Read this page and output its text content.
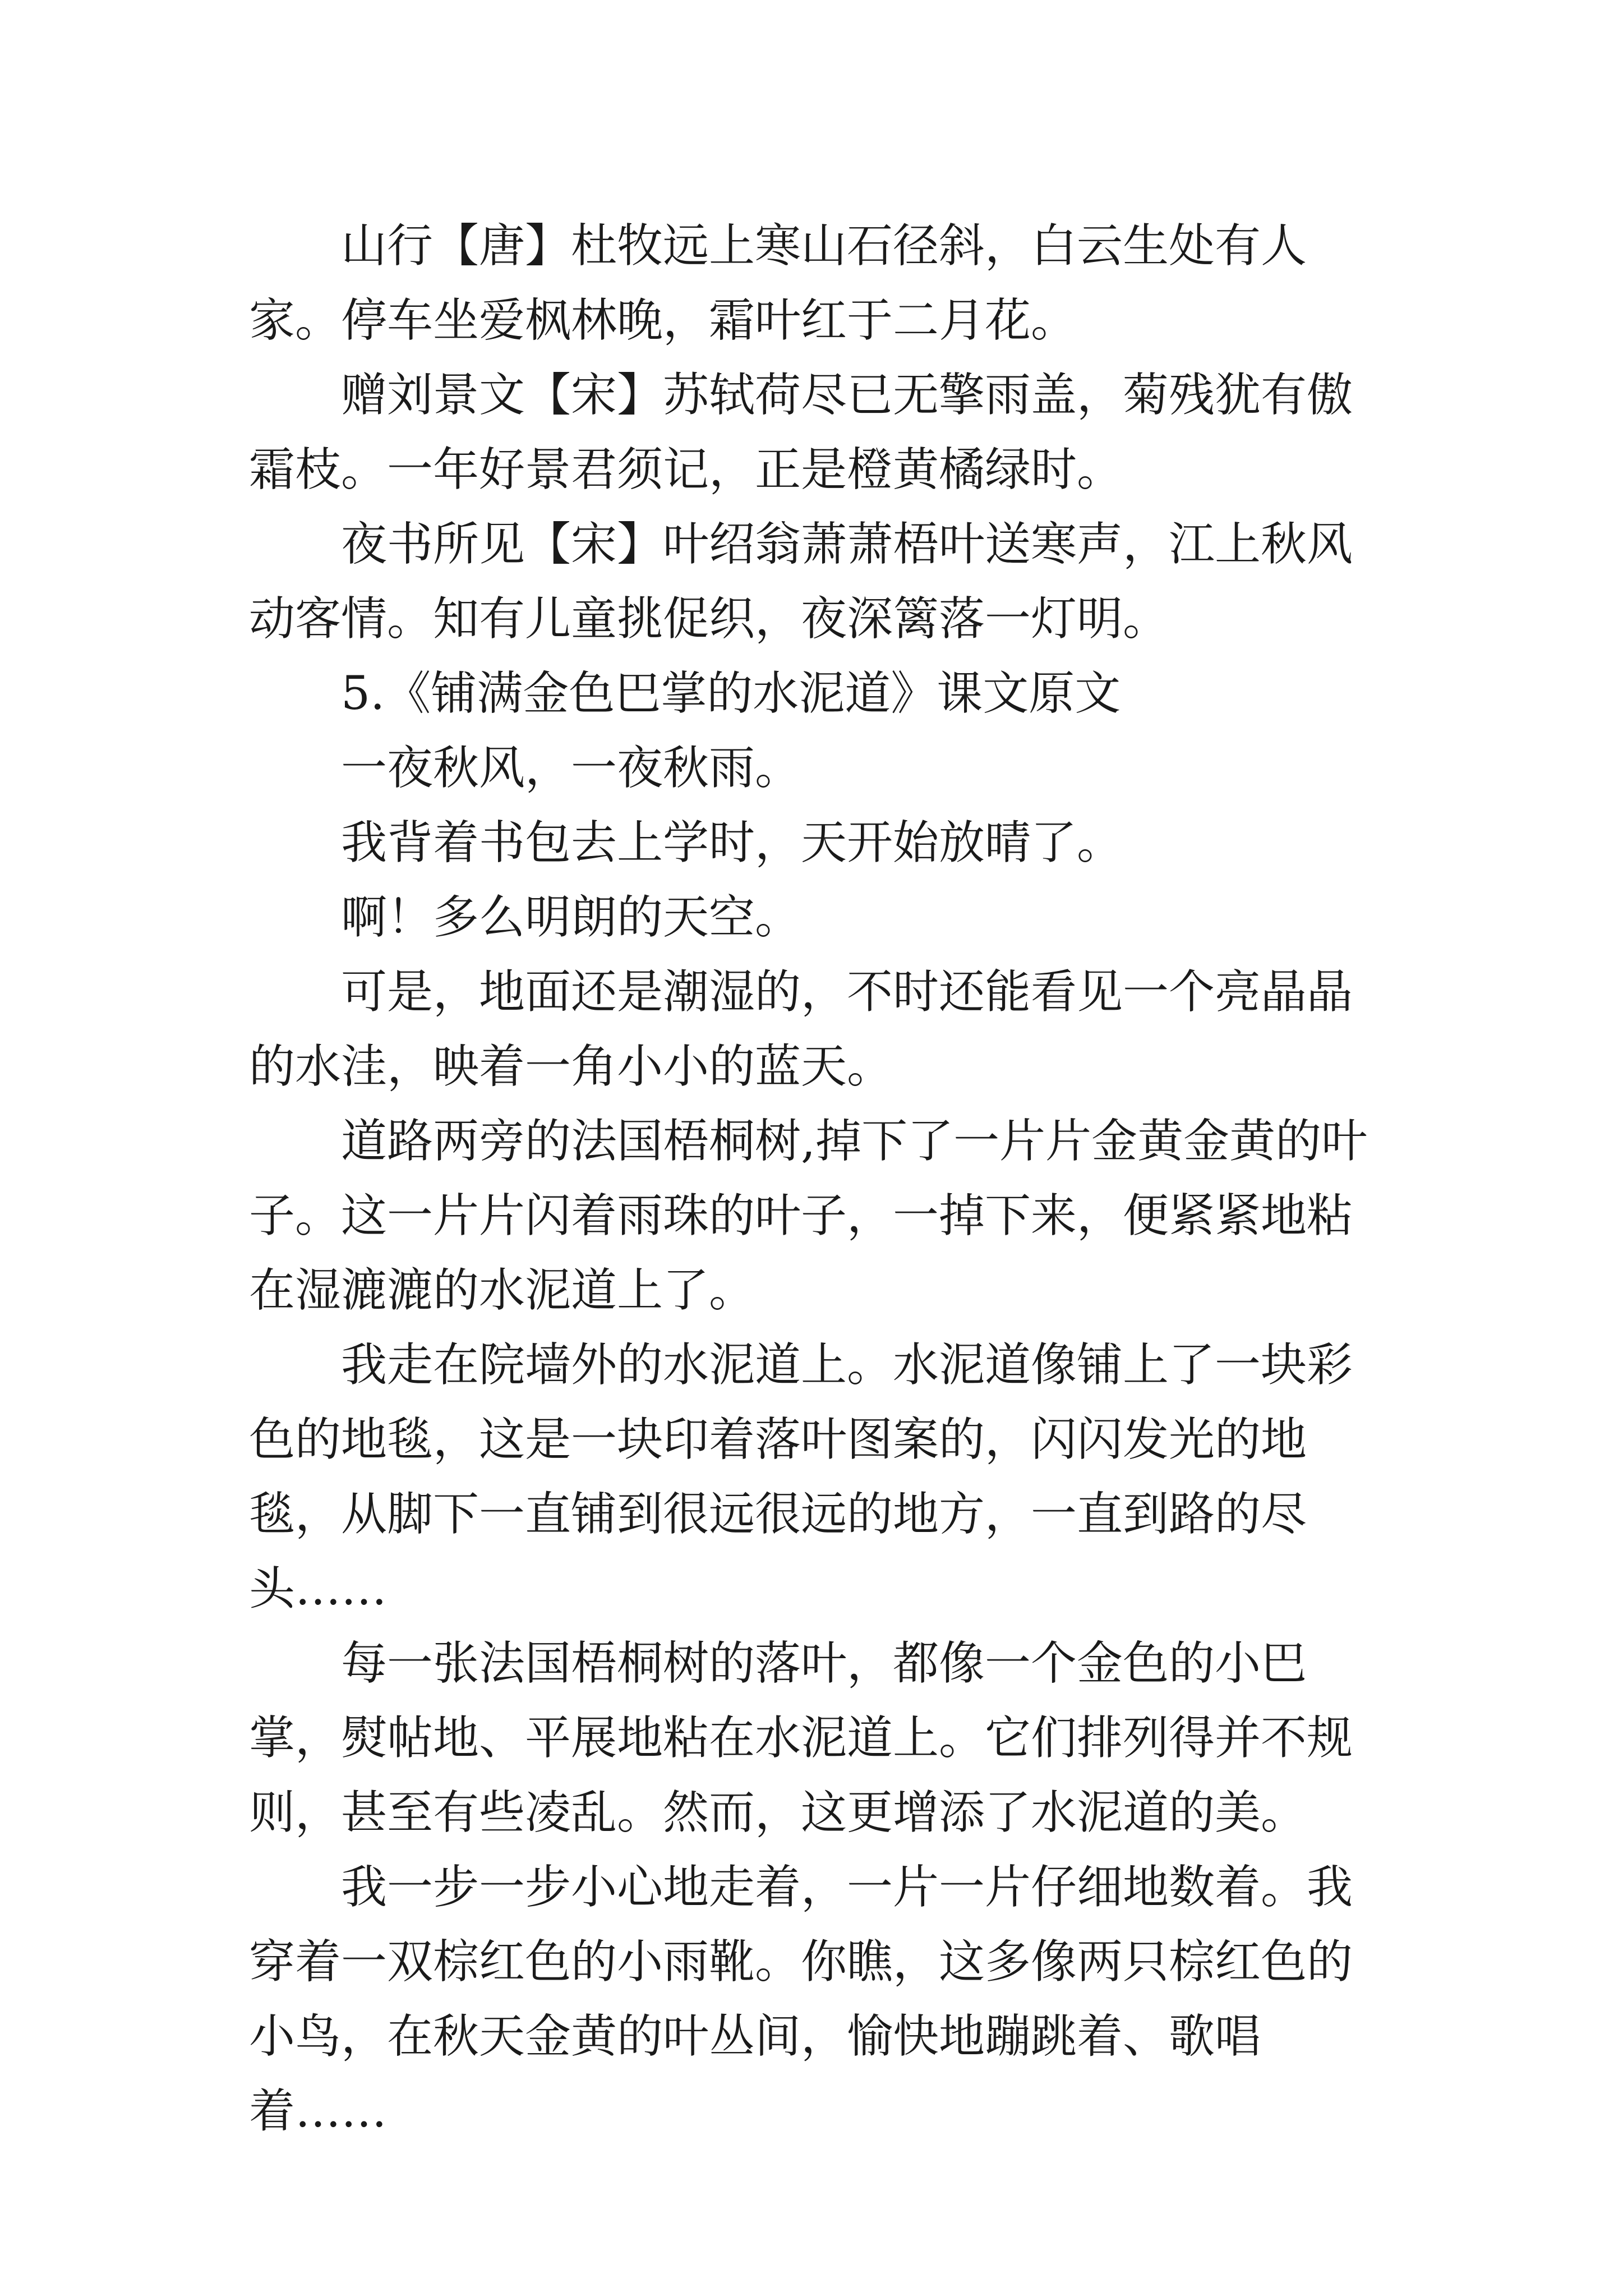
山行【唐】杜牧远上寒山石径斜，白云生处有人家。停车坐爱枫林晚，霜叶红于二月花。

赠刘景文【宋】苏轼荷尽已无擎雨盖，菊残犹有傲霜枝。一年好景君须记，正是橙黄橘绿时。

夜书所见【宋】叶绍翁萧萧梧叶送寒声，江上秋风动客情。知有儿童挑促织，夜深篱落一灯明。

5.《铺满金色巴掌的水泥道》课文原文

一夜秋风，一夜秋雨。

我背着书包去上学时，天开始放晴了。

啊！多么明朗的天空。

可是，地面还是潮湿的，不时还能看见一个亮晶晶的水洼，映着一角小小的蓝天。

道路两旁的法国梧桐树,掉下了一片片金黄金黄的叶子。这一片片闪着雨珠的叶子，一掉下来，便紧紧地粘在湿漉漉的水泥道上了。

我走在院墙外的水泥道上。水泥道像铺上了一块彩色的地毯，这是一块印着落叶图案的，闪闪发光的地毯，从脚下一直铺到很远很远的地方，一直到路的尽头……

每一张法国梧桐树的落叶，都像一个金色的小巴掌，熨帖地、平展地粘在水泥道上。它们排列得并不规则，甚至有些凌乱。然而，这更增添了水泥道的美。

我一步一步小心地走着，一片一片仔细地数着。我穿着一双棕红色的小雨靴。你瞧，这多像两只棕红色的小鸟，在秋天金黄的叶丛间，愉快地蹦跳着、歌唱着……
